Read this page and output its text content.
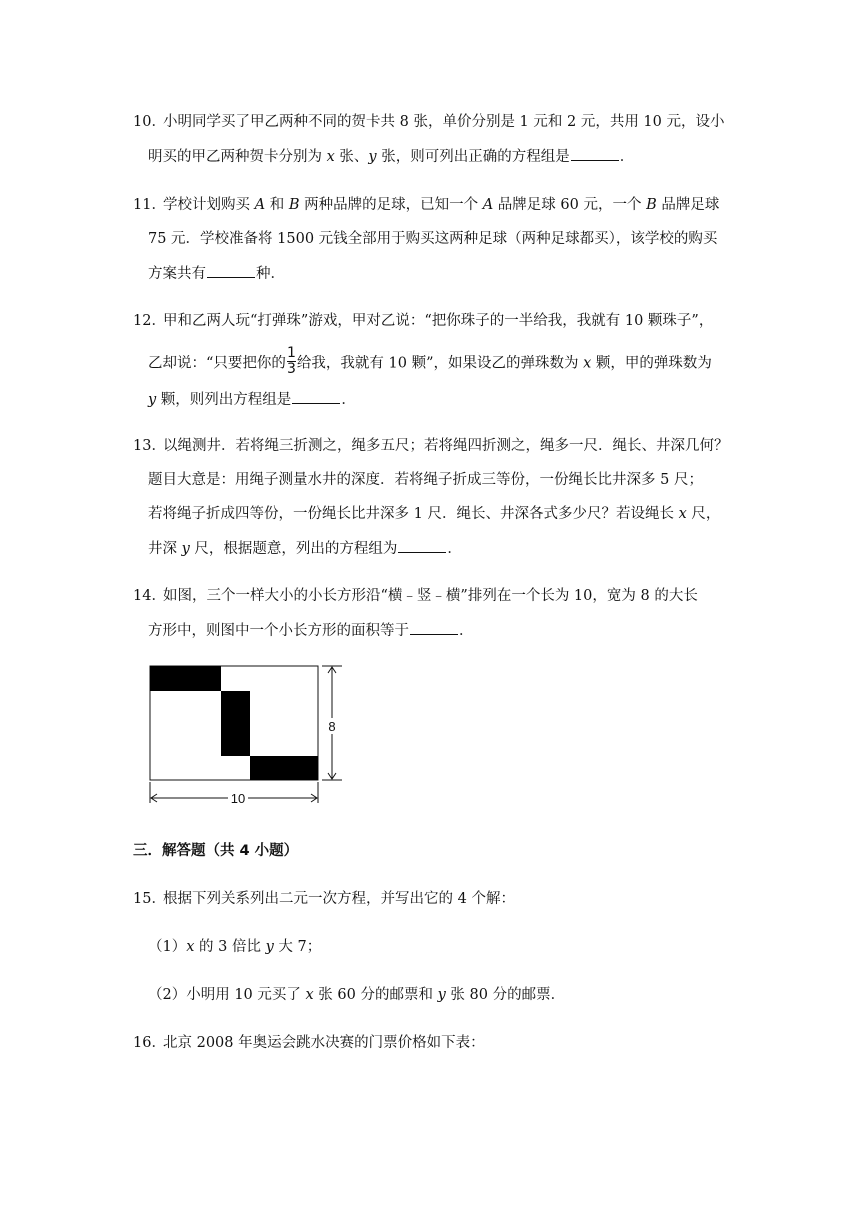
10．小明同学买了甲乙两种不同的贺卡共 8 张，单价分别是 1 元和 2 元，共用 10 元，设小
明买的甲乙两种贺卡分别为 x 张、y 张，则可列出正确的方程组是	．
11．学校计划购买 A 和 B 两种品牌的足球，已知一个 A 品牌足球 60 元，一个 B 品牌足球
75 元．学校准备将 1500 元钱全部用于购买这两种足球（两种足球都买），该学校的购买
方案共有	种．
12．甲和乙两人玩“打弹珠”游戏，甲对乙说：“把你珠子的一半给我，我就有 10 颗珠子”，
乙却说：“只要把你的 $\frac{1}{3}$ 给我，我就有 10 颗”，如果设乙的弹珠数为 x 颗，甲的弹珠数为
y 颗，则列出方程组是	．
13．以绳测井．若将绳三折测之，绳多五尺；若将绳四折测之，绳多一尺．绳长、井深几何？
题目大意是：用绳子测量水井的深度．若将绳子折成三等份，一份绳长比井深多 5 尺；
若将绳子折成四等份，一份绳长比井深多 1 尺．绳长、井深各式多少尺？若设绳长 x 尺，
井深 y 尺，根据题意，列出的方程组为	．
14．如图，三个一样大小的小长方形沿“横﹣竖﹣横”排列在一个长为 10，宽为 8 的大长
方形中，则图中一个小长方形的面积等于	．
8
10
三．解答题（共 4 小题）
15．根据下列关系列出二元一次方程，并写出它的 4 个解：
（1）x 的 3 倍比 y 大 7；
（2）小明用 10 元买了 x 张 60 分的邮票和 y 张 80 分的邮票．
16．北京 2008 年奥运会跳水决赛的门票价格如下表：
